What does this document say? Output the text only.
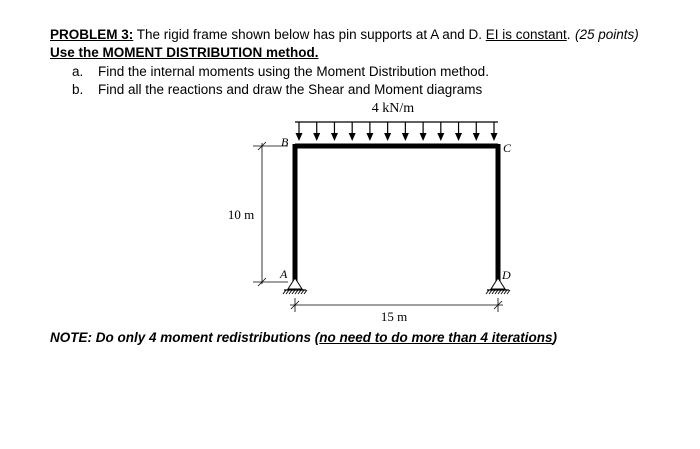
PROBLEM 3: The rigid frame shown below has pin supports at A and D. EI is constant. (25 points)
Use the MOMENT DISTRIBUTION method.
a. Find the internal moments using the Moment Distribution method.
b. Find all the reactions and draw the Shear and Moment diagrams
4 kN/m
B	C
A	D
10 m
15 m
NOTE: Do only 4 moment redistributions (no need to do more than 4 iterations)
